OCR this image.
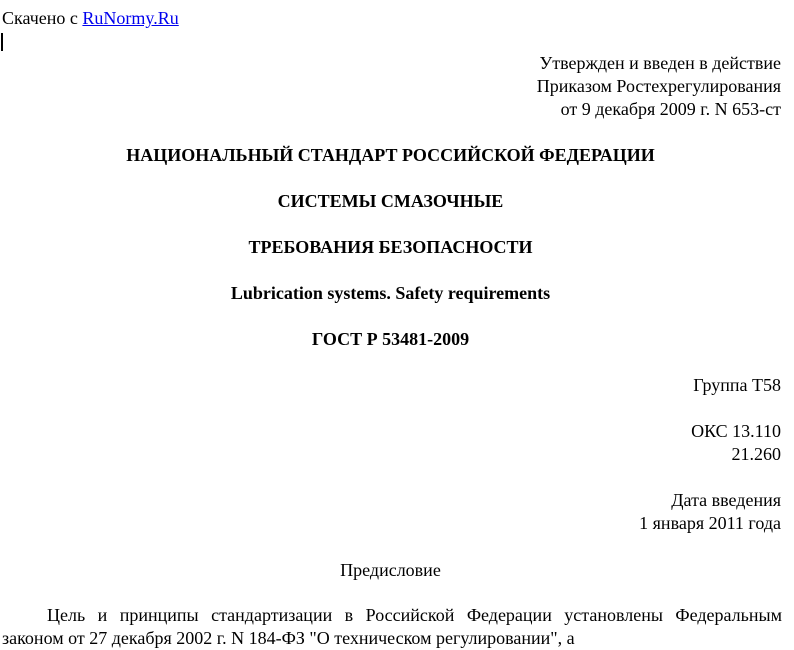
Скачено с RuNormy.Ru
Утвержден и введен в действие
Приказом Ростехрегулирования
от 9 декабря 2009 г. N 653-ст
НАЦИОНАЛЬНЫЙ СТАНДАРТ РОССИЙСКОЙ ФЕДЕРАЦИИ
СИСТЕМЫ СМАЗОЧНЫЕ
ТРЕБОВАНИЯ БЕЗОПАСНОСТИ
Lubrication systems. Safety requirements
ГОСТ Р 53481-2009
Группа Т58
ОКС 13.110
21.260
Дата введения
1 января 2011 года
Предисловие
Цель и принципы стандартизации в Российской Федерации установлены Федеральным законом от 27 декабря 2002 г. N 184-ФЗ "О техническом регулировании", а
